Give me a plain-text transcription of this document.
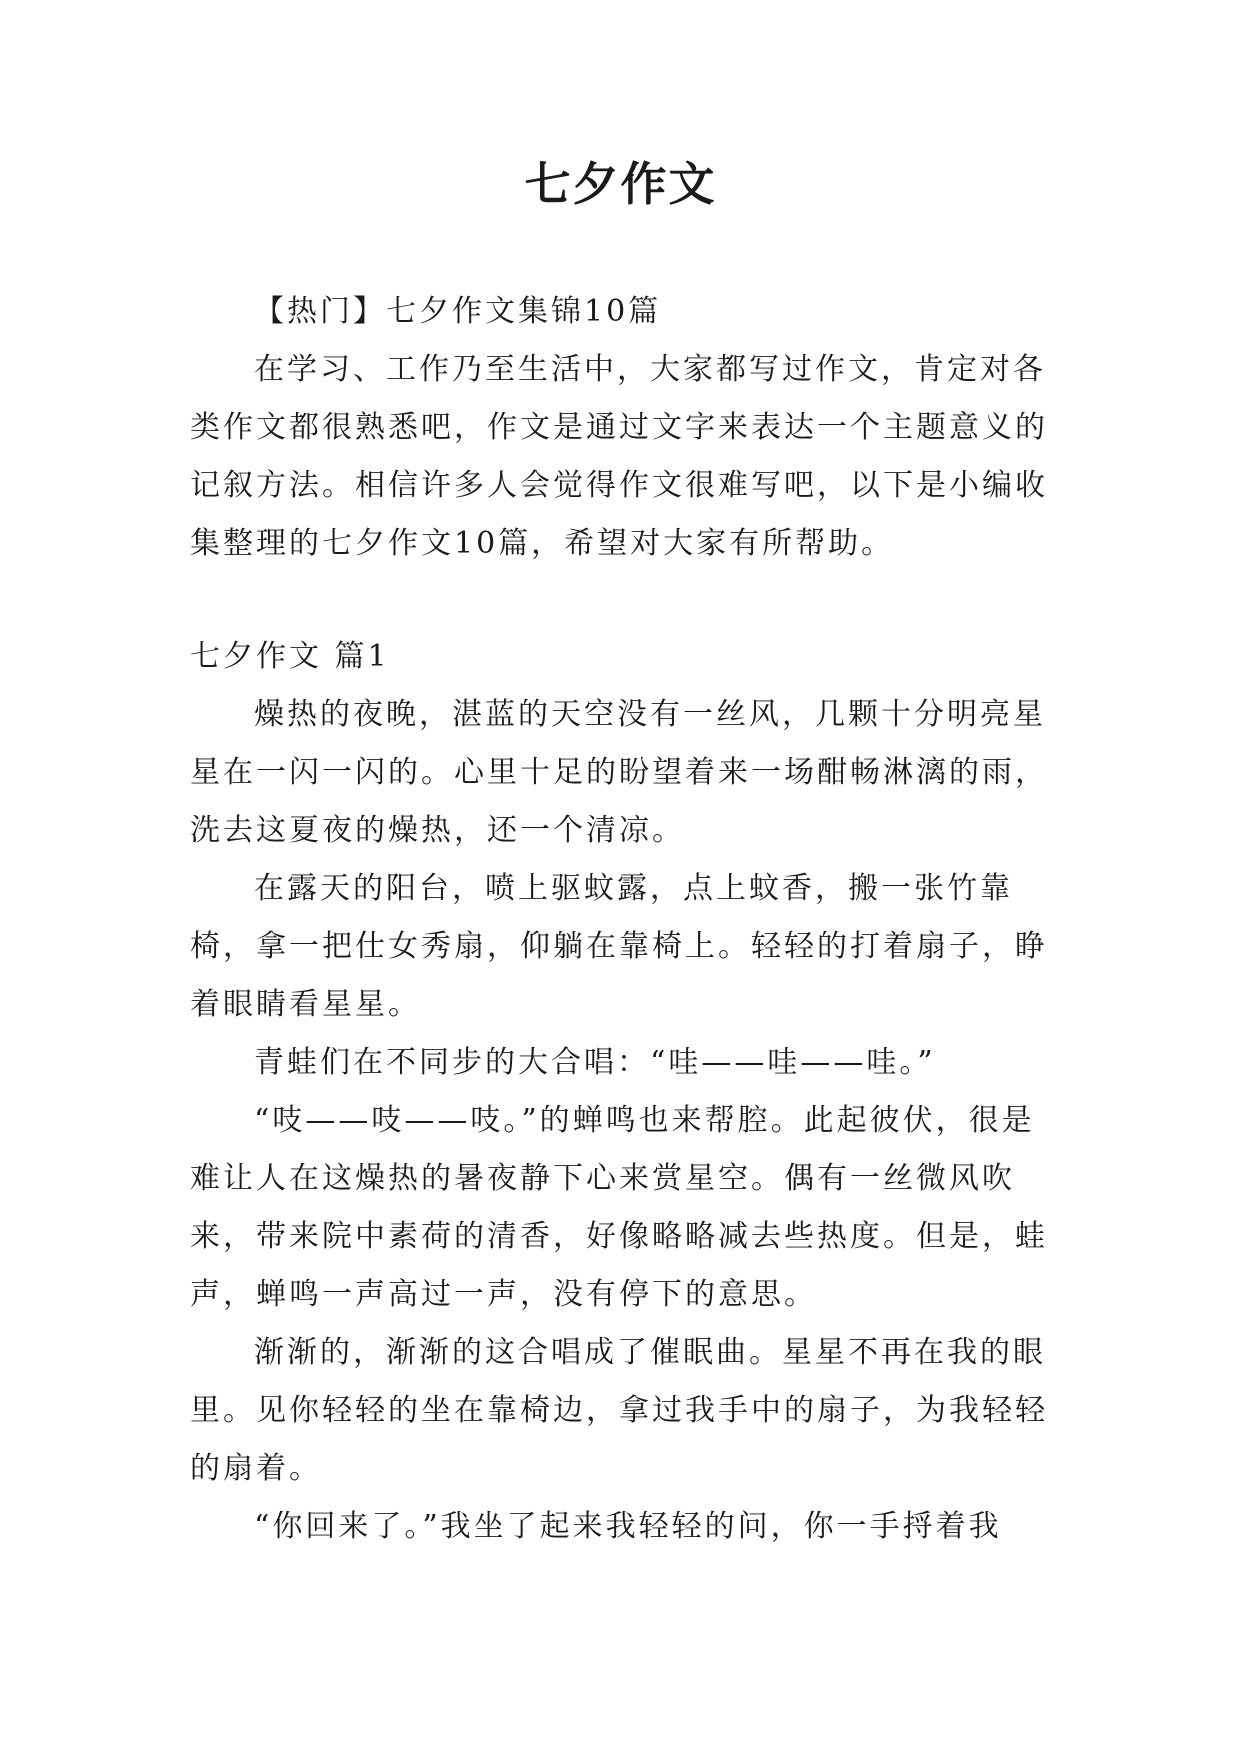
七夕作文

【热门】七夕作文集锦10篇

在学习、工作乃至生活中，大家都写过作文，肯定对各类作文都很熟悉吧，作文是通过文字来表达一个主题意义的记叙方法。相信许多人会觉得作文很难写吧，以下是小编收集整理的七夕作文10篇，希望对大家有所帮助。

七夕作文 篇1

燥热的夜晚，湛蓝的天空没有一丝风，几颗十分明亮星星在一闪一闪的。心里十足的盼望着来一场酣畅淋漓的雨，洗去这夏夜的燥热，还一个清凉。

在露天的阳台，喷上驱蚊露，点上蚊香，搬一张竹靠椅，拿一把仕女秀扇，仰躺在靠椅上。轻轻的打着扇子，睁着眼睛看星星。

青蛙们在不同步的大合唱：“哇——哇——哇。”

“吱——吱——吱。”的蝉鸣也来帮腔。此起彼伏，很是难让人在这燥热的暑夜静下心来赏星空。偶有一丝微风吹来，带来院中素荷的清香，好像略略减去些热度。但是，蛙声，蝉鸣一声高过一声，没有停下的意思。

渐渐的，渐渐的这合唱成了催眠曲。星星不再在我的眼里。见你轻轻的坐在靠椅边，拿过我手中的扇子，为我轻轻的扇着。

“你回来了。”我坐了起来我轻轻的问，你一手捋着我
